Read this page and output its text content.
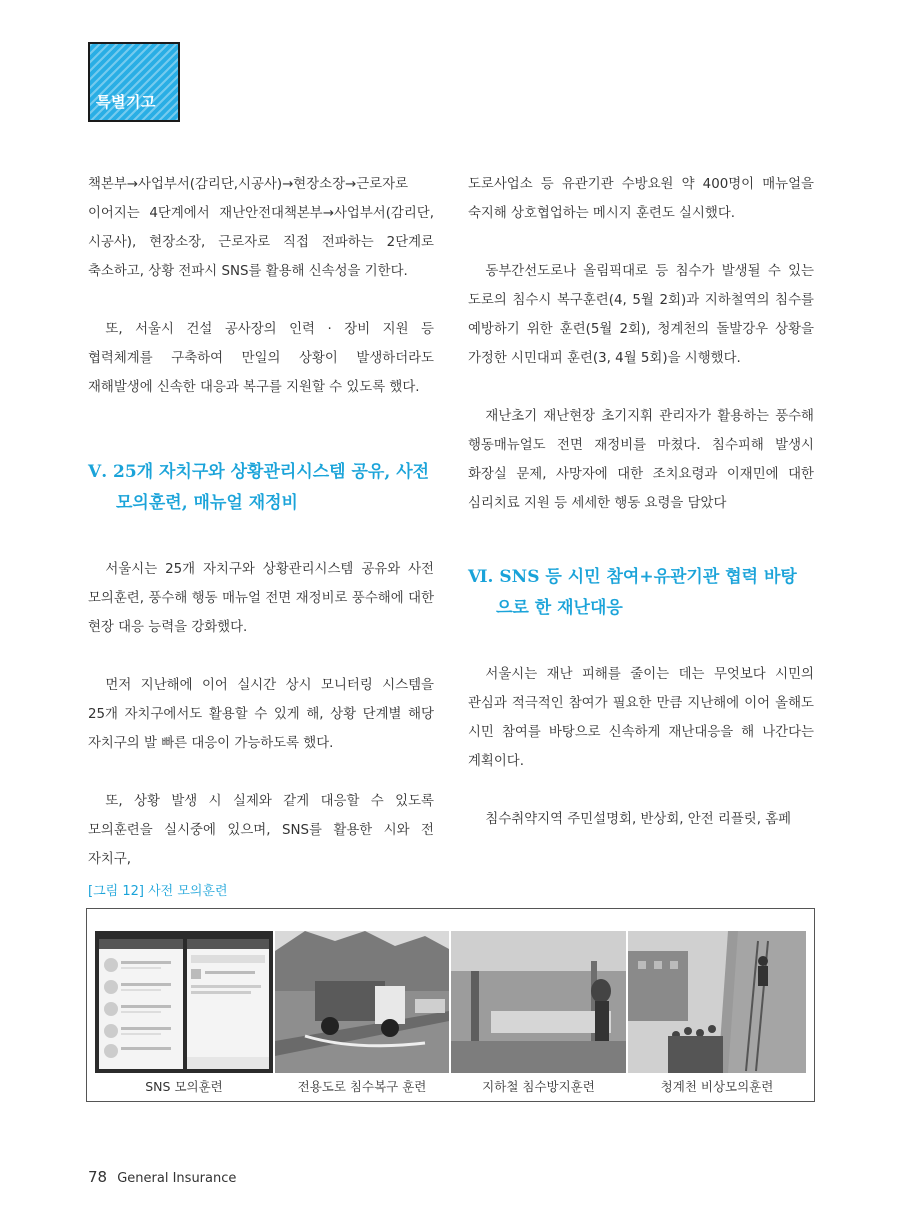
특별기고

책본부→사업부서(감리단,시공사)→현장소장→근로자로 이어지는 4단계에서 재난안전대책본부→사업부서(감리단, 시공사), 현장소장, 근로자로 직접 전파하는 2단계로 축소하고, 상황 전파시 SNS를 활용해 신속성을 기한다.

또, 서울시 건설 공사장의 인력 · 장비 지원 등 협력체계를 구축하여 만일의 상황이 발생하더라도 재해발생에 신속한 대응과 복구를 지원할 수 있도록 했다.

Ⅴ. 25개 자치구와 상황관리시스템 공유, 사전
모의훈련, 매뉴얼 재정비

서울시는 25개 자치구와 상황관리시스템 공유와 사전 모의훈련, 풍수해 행동 매뉴얼 전면 재정비로 풍수해에 대한 현장 대응 능력을 강화했다.

먼저 지난해에 이어 실시간 상시 모니터링 시스템을 25개 자치구에서도 활용할 수 있게 해, 상황 단계별 해당 자치구의 발 빠른 대응이 가능하도록 했다.

또, 상황 발생 시 실제와 같게 대응할 수 있도록 모의훈련을 실시중에 있으며, SNS를 활용한 시와 전 자치구,

도로사업소 등 유관기관 수방요원 약 400명이 매뉴얼을 숙지해 상호협업하는 메시지 훈련도 실시했다.

동부간선도로나 올림픽대로 등 침수가 발생될 수 있는 도로의 침수시 복구훈련(4, 5월 2회)과 지하철역의 침수를 예방하기 위한 훈련(5월 2회), 청계천의 돌발강우 상황을 가정한 시민대피 훈련(3, 4월 5회)을 시행했다.

재난초기 재난현장 초기지휘 관리자가 활용하는 풍수해 행동매뉴얼도 전면 재정비를 마쳤다. 침수피해 발생시 화장실 문제, 사망자에 대한 조치요령과 이재민에 대한 심리치료 지원 등 세세한 행동 요령을 담았다

Ⅵ. SNS 등 시민 참여+유관기관 협력 바탕
으로 한 재난대응

서울시는 재난 피해를 줄이는 데는 무엇보다 시민의 관심과 적극적인 참여가 필요한 만큼 지난해에 이어 올해도 시민 참여를 바탕으로 신속하게 재난대응을 해 나간다는 계획이다.

침수취약지역 주민설명회, 반상회, 안전 리플릿, 홈페

[그림 12] 사전 모의훈련
SNS 모의훈련	전용도로 침수복구 훈련	지하철 침수방지훈련	청계천 비상모의훈련
78 General Insurance
